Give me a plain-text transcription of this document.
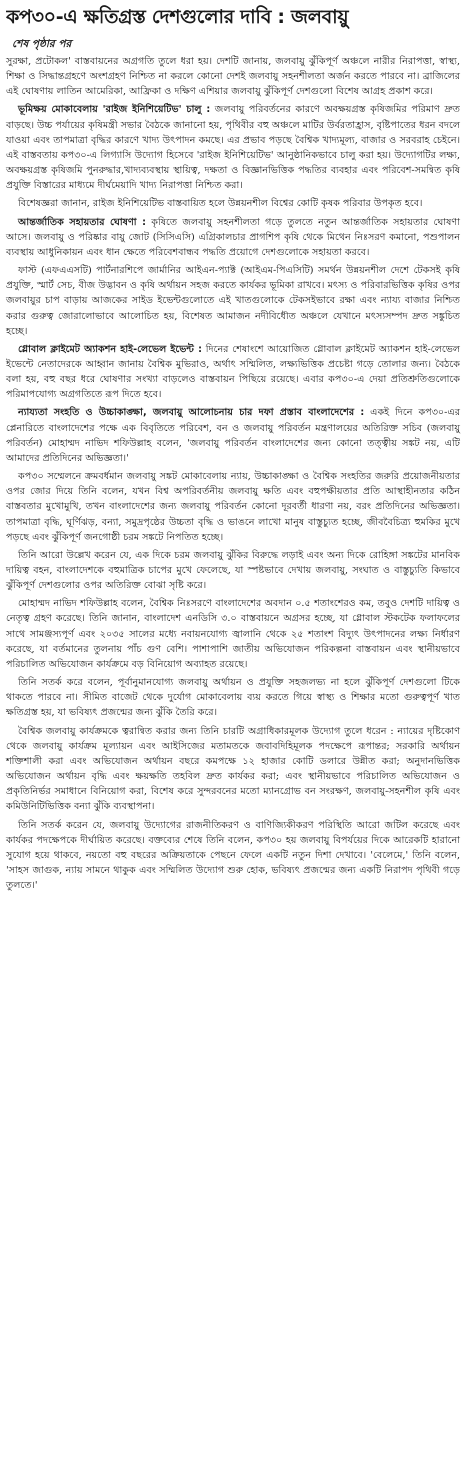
কপ৩০-এ ক্ষতিগ্রস্ত দেশগুলোর দাবি : জলবায়ু
শেষ পৃষ্ঠার পর

সুরক্ষা, প্রটোকল' বাস্তবায়নের অগ্রগতি তুলে ধরা হয়। দেশটি জানায়, জলবায়ু ঝুঁকিপূর্ণ অঞ্চলে নারীর নিরাপত্তা, স্বাস্থ্য, শিক্ষা ও সিদ্ধান্তগ্রহণে অংশগ্রহণ নিশ্চিত না করলে কোনো দেশই জলবায়ু সহনশীলতা অর্জন করতে পারবে না। ব্রাজিলের এই ঘোষণায় লাতিন আমেরিকা, আফ্রিকা ও দক্ষিণ এশিয়ার জলবায়ু ঝুঁকিপূর্ণ দেশগুলো বিশেষ আগ্রহ প্রকাশ করে।

ভূমিক্ষয় মোকাবেলায় 'রাইজ ইনিশিয়েটিভ' চালু : জলবায়ু পরিবর্তনের কারণে অবক্ষয়গ্রস্ত কৃষিজমির পরিমাণ দ্রুত বাড়ছে। উচ্চ পর্যায়ের কৃষিমন্ত্রী সভার বৈঠকে জানানো হয়, পৃথিবীর বহু অঞ্চলে মাটির উর্বরতাহ্রাস, বৃষ্টিপাতের ধরন বদলে যাওয়া এবং তাপমাত্রা বৃদ্ধির কারণে খাদ্য উৎপাদন কমছে। এর প্রভাব পড়ছে বৈশ্বিক খাদ্যমূল্য, বাজার ও সরবরাহ চেইনে। এই বাস্তবতায় কপ৩০-এ লিগ্যাসি উদ্যোগ হিসেবে 'রাইজ ইনিশিয়েটিভ' আনুষ্ঠানিকভাবে চালু করা হয়। উদ্যোগটির লক্ষ্য, অবক্ষয়গ্রস্ত কৃষিজমি পুনরুদ্ধার,খাদ্যব্যবস্থায় স্থায়িত্ব, দক্ষতা ও বিজ্ঞানভিত্তিক পদ্ধতির ব্যবহার এবং পরিবেশ-সমন্বিত কৃষি প্রযুক্তি বিস্তারের মাধ্যমে দীর্ঘমেয়াদি খাদ্য নিরাপত্তা নিশ্চিত করা।

বিশেষজ্ঞরা জানান, রাইজ ইনিশিয়েটিভ বাস্তবায়িত হলে উন্নয়নশীল বিশ্বের কোটি কৃষক পরিবার উপকৃত হবে।

আন্তর্জাতিক সহায়তার ঘোষণা : কৃষিতে জলবায়ু সহনশীলতা গড়ে তুলতে নতুন আন্তর্জাতিক সহায়তার ঘোষণা আসে। জলবায়ু ও পরিষ্কার বায়ু জোট (সিসিএসি) এগ্রিকালচার প্রাগশিপ কৃষি থেকে মিথেন নিঃসরণ কমানো, পশুপালন ব্যবস্থায় আধুনিকায়ন এবং ধান ক্ষেতে পরিবেশবান্ধব পদ্ধতি প্রয়োগে দেশগুলোকে সহায়তা করবে।

ফাস্ট (এফএএসটি) পার্টনারশিপে জার্মানির আইএন-প্যাক্ট (আইএম-পিএসিটি) সমর্থন উন্নয়নশীল দেশে টেকসই কৃষি প্রযুক্তি, স্মার্ট সেচ, বীজ উদ্ভাবন ও কৃষি অর্থায়ন সহজ করতে কার্যকর ভূমিকা রাখবে। মৎস্য ও পরিবারভিত্তিক কৃষির ওপর জলবায়ুর চাপ বাড়ায় আজকের সাইড ইভেন্টগুলোতে এই খাতগুলোকে টেকসইভাবে রক্ষা এবং ন্যায্য বাজার নিশ্চিত করার গুরুত্ব জোরালোভাবে আলোচিত হয়, বিশেষত আমাজন নদীবিধৌত অঞ্চলে যেখানে মৎস্যসম্পদ দ্রুত সঙ্কুচিত হচ্ছে।

গ্লোবাল ক্লাইমেট অ্যাকশন হাই-লেভেল ইভেন্ট : দিনের শেষাংশে আয়োজিত গ্লোবাল ক্লাইমেট অ্যাকশন হাই-লেভেল ইভেন্টে নেতাদেরকে আহ্বান জানায় বৈশ্বিক মুভিরাও, অর্থাৎ সম্মিলিত, লক্ষ্যভিত্তিক প্রচেষ্টা গড়ে তোলার জন্য। বৈঠকে বলা হয়, বহু বছর ধরে ঘোষণার সংখ্যা বাড়লেও বাস্তবায়ন পিছিয়ে রয়েছে। এবার কপ৩০-এ দেয়া প্রতিশ্রুতিগুলোকে পরিমাপযোগ্য অগ্রগতিতে রূপ দিতে হবে।

ন্যায্যতা সংহতি ও উচ্চাকাঙ্ক্ষা, জলবায়ু আলোচনায় চার দফা প্রস্তাব বাংলাদেশের : একই দিনে কপ৩০-এর প্লেনারিতে বাংলাদেশের পক্ষে এক বিবৃতিতে পরিবেশ, বন ও জলবায়ু পরিবর্তন মন্ত্রণালয়ের অতিরিক্ত সচিব (জলবায়ু পরিবর্তন) মোহাম্মদ নাভিদ শফিউল্লাহ বলেন, 'জলবায়ু পরিবর্তন বাংলাদেশের জন্য কোনো তত্ত্বীয় সঙ্কট নয়, এটি আমাদের প্রতিদিনের অভিজ্ঞতা।'

কপ৩০ সম্মেলনে ক্রমবর্ধমান জলবায়ু সঙ্কট মোকাবেলায় ন্যায়, উচ্চাকাঙ্ক্ষা ও বৈশ্বিক সংহতির জরুরি প্রয়োজনীয়তার ওপর জোর দিয়ে তিনি বলেন, যখন বিশ্ব অপরিবর্তনীয় জলবায়ু ক্ষতি এবং বহুপক্ষীয়তার প্রতি আস্থাহীনতার কঠিন বাস্তবতার মুখোমুখি, তখন বাংলাদেশের জন্য জলবায়ু পরিবর্তন কোনো দূরবর্তী ধারণা নয়, বরং প্রতিদিনের অভিজ্ঞতা। তাপমাত্রা বৃদ্ধি, ঘূর্ণিঝড়, বন্যা, সমুদ্রপৃষ্ঠের উচ্চতা বৃদ্ধি ও ভাঙনে লাখো মানুষ বাস্তুচ্যুত হচ্ছে, জীববৈচিত্র্য হুমকির মুখে পড়ছে এবং ঝুঁকিপূর্ণ জনগোষ্ঠী চরম সঙ্কটে নিপতিত হচ্ছে।

তিনি আরো উল্লেখ করেন যে, এক দিকে চরম জলবায়ু ঝুঁকির বিরুদ্ধে লড়াই এবং অন্য দিকে রোহিঙ্গা সঙ্কটের মানবিক দায়িত্ব বহন, বাংলাদেশকে বহুমাত্রিক চাপের মুখে ফেলেছে, যা স্পষ্টভাবে দেখায় জলবায়ু, সংঘাত ও বাস্তুচ্যুতি কিভাবে ঝুঁকিপূর্ণ দেশগুলোর ওপর অতিরিক্ত বোঝা সৃষ্টি করে।

মোহাম্মদ নাভিদ শফিউল্লাহ বলেন, বৈশ্বিক নিঃসরণে বাংলাদেশের অবদান ০.৫ শতাংশেরও কম, তবুও দেশটি দায়িত্ব ও নেতৃত্ব গ্রহণ করেছে। তিনি জানান, বাংলাদেশ এনডিসি ৩.০ বাস্তবায়নে অগ্রসর হচ্ছে, যা গ্লোবাল স্টকটেক ফলাফলের সাথে সামঞ্জস্যপূর্ণ এবং ২০৩৫ সালের মধ্যে নবায়নযোগ্য জ্বালানি থেকে ২৫ শতাংশ বিদ্যুৎ উৎপাদনের লক্ষ্য নির্ধারণ করেছে, যা বর্তমানের তুলনায় পাঁচ গুণ বেশি। পাশাপাশি জাতীয় অভিযোজন পরিকল্পনা বাস্তবায়ন এবং স্থানীয়ভাবে পরিচালিত অভিযোজন কার্যক্রমে বড় বিনিয়োগ অব্যাহত রয়েছে।

তিনি সতর্ক করে বলেন, পূর্বানুমানযোগ্য জলবায়ু অর্থায়ন ও প্রযুক্তি সহজলভ্য না হলে ঝুঁকিপূর্ণ দেশগুলো টিকে থাকতে পারবে না। সীমিত বাজেট থেকে দুর্যোগ মোকাবেলায় ব্যয় করতে গিয়ে স্বাস্থ্য ও শিক্ষার মতো গুরুত্বপূর্ণ খাত ক্ষতিগ্রস্ত হয়, যা ভবিষ্যৎ প্রজন্মের জন্য ঝুঁকি তৈরি করে।

বৈশ্বিক জলবায়ু কার্যক্রমকে ত্বরান্বিত করার জন্য তিনি চারটি অগ্রাধিকারমূলক উদ্যোগ তুলে ধরেন : ন্যায়ের দৃষ্টিকোণ থেকে জলবায়ু কার্যক্রম মূল্যায়ন এবং আইসিজের মতামতকে জবাবদিহিমূলক পদক্ষেপে রূপান্তর; সরকারি অর্থায়ন শক্তিশালী করা এবং অভিযোজন অর্থায়ন বছরে কমপক্ষে ১২ হাজার কোটি ডলারে উন্নীত করা; অনুদানভিত্তিক অভিযোজন অর্থায়ন বৃদ্ধি এবং ক্ষয়ক্ষতি তহবিল দ্রুত কার্যকর করা; এবং স্থানীয়ভাবে পরিচালিত অভিযোজন ও প্রকৃতিনির্ভর সমাধানে বিনিয়োগ করা, বিশেষ করে সুন্দরবনের মতো ম্যানগ্রোভ বন সংরক্ষণ, জলবায়ু-সহনশীল কৃষি এবং কমিউনিটিভিত্তিক বন্যা ঝুঁকি ব্যবস্থাপনা।

তিনি সতর্ক করেন যে, জলবায়ু উদ্যোগের রাজনীতিকরণ ও বাণিজ্যিকীকরণ পরিস্থিতি আরো জটিল করেছে এবং কার্যকর পদক্ষেপকে দীর্ঘায়িত করেছে। বক্তব্যের শেষে তিনি বলেন, কপ৩০ হয় জলবায়ু বিপর্যয়ের দিকে আরেকটি হারানো সুযোগ হয়ে থাকবে, নয়তো বহু বছরের অক্রিয়তাকে পেছনে ফেলে একটি নতুন দিশা দেখাবে। 'বেলেমে,' তিনি বলেন, 'সাহস জাগুক, ন্যায় সামনে থাকুক এবং সম্মিলিত উদ্যোগ শুরু হোক, ভবিষ্যৎ প্রজন্মের জন্য একটি নিরাপদ পৃথিবী গড়ে তুলতে।'
